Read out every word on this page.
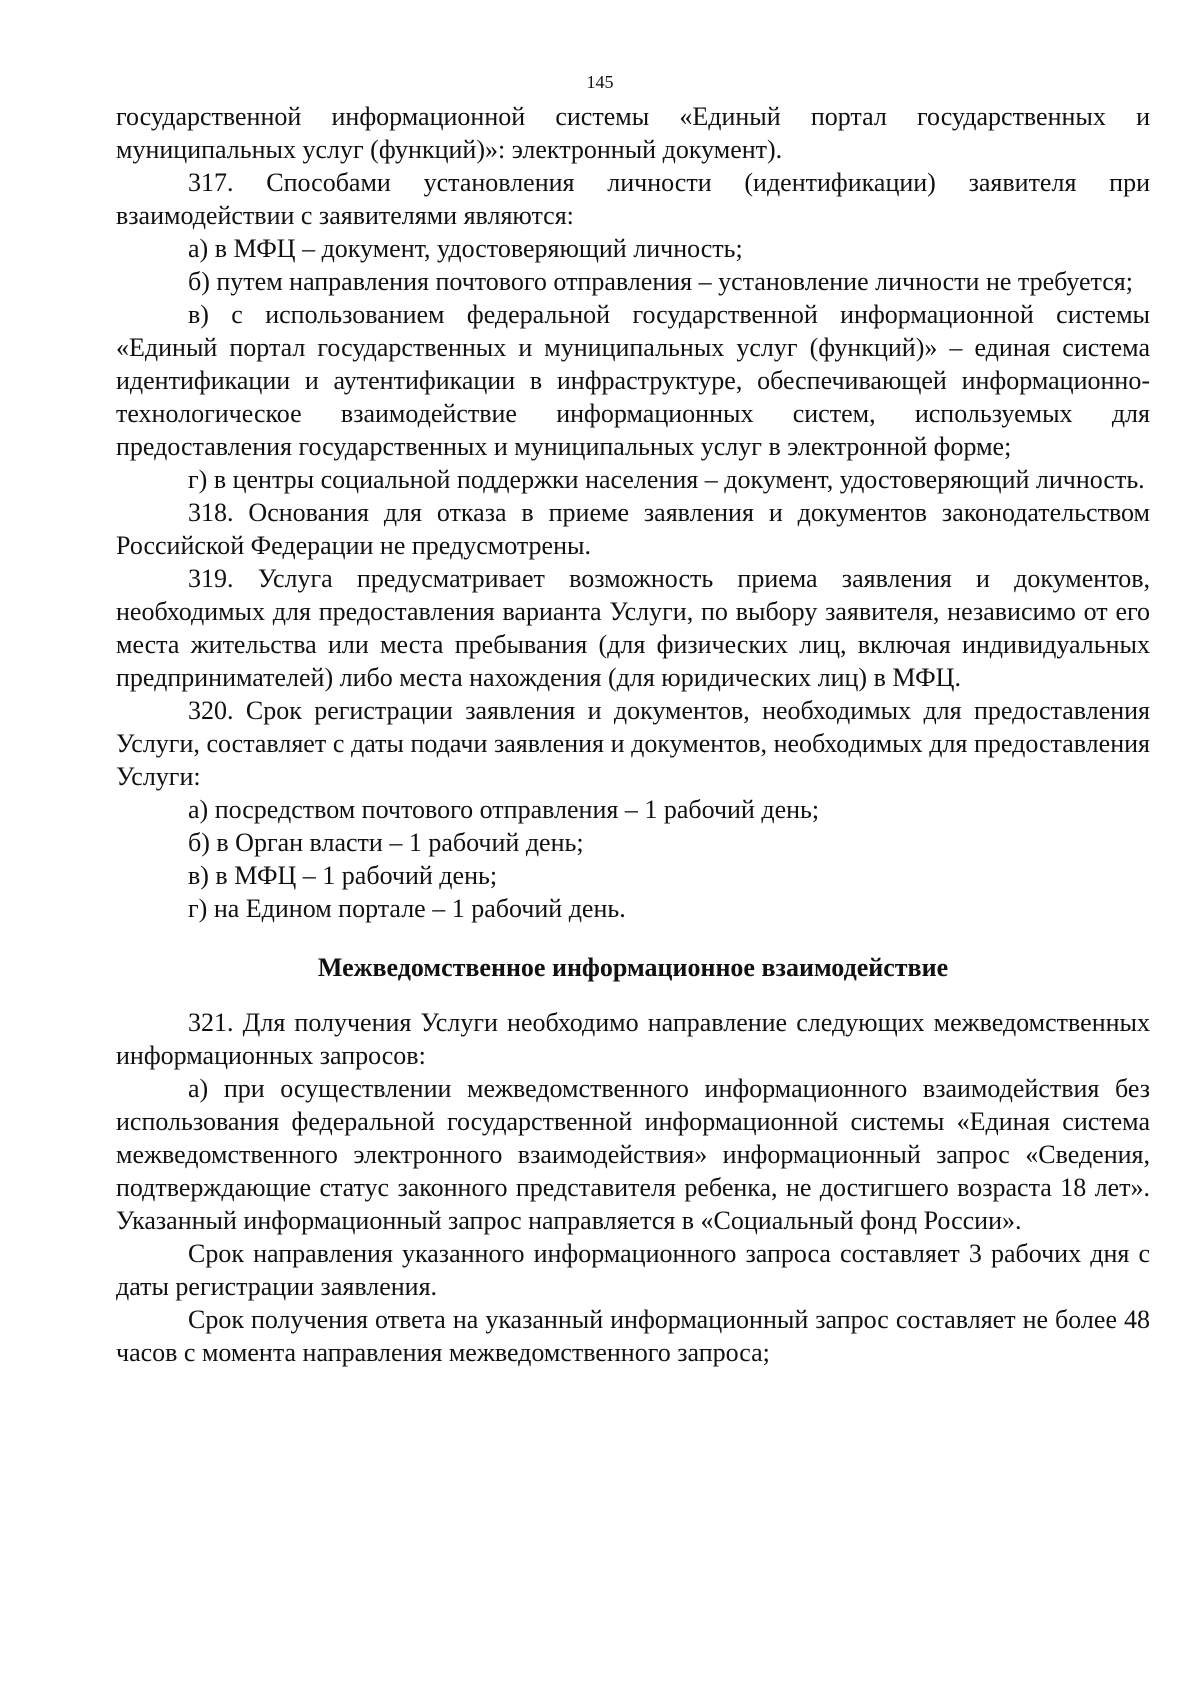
145

государственной информационной системы «Единый портал государственных и муниципальных услуг (функций)»: электронный документ).

317. Способами установления личности (идентификации) заявителя при взаимодействии с заявителями являются:

а) в МФЦ – документ, удостоверяющий личность;

б) путем направления почтового отправления – установление личности не требуется;

в) с использованием федеральной государственной информационной системы «Единый портал государственных и муниципальных услуг (функций)» – единая система идентификации и аутентификации в инфраструктуре, обеспечивающей информационно-технологическое взаимодействие информационных систем, используемых для предоставления государственных и муниципальных услуг в электронной форме;

г) в центры социальной поддержки населения – документ, удостоверяющий личность.

318. Основания для отказа в приеме заявления и документов законодательством Российской Федерации не предусмотрены.

319. Услуга предусматривает возможность приема заявления и документов, необходимых для предоставления варианта Услуги, по выбору заявителя, независимо от его места жительства или места пребывания (для физических лиц, включая индивидуальных предпринимателей) либо места нахождения (для юридических лиц) в МФЦ.

320. Срок регистрации заявления и документов, необходимых для предоставления Услуги, составляет с даты подачи заявления и документов, необходимых для предоставления Услуги:

а) посредством почтового отправления – 1 рабочий день;

б) в Орган власти – 1 рабочий день;

в) в МФЦ – 1 рабочий день;

г) на Едином портале – 1 рабочий день.

Межведомственное информационное взаимодействие

321. Для получения Услуги необходимо направление следующих межведомственных информационных запросов:

а) при осуществлении межведомственного информационного взаимодействия без использования федеральной государственной информационной системы «Единая система межведомственного электронного взаимодействия» информационный запрос «Сведения, подтверждающие статус законного представителя ребенка, не достигшего возраста 18 лет». Указанный информационный запрос направляется в «Социальный фонд России».

Срок направления указанного информационного запроса составляет 3 рабочих дня с даты регистрации заявления.

Срок получения ответа на указанный информационный запрос составляет не более 48 часов с момента направления межведомственного запроса;
